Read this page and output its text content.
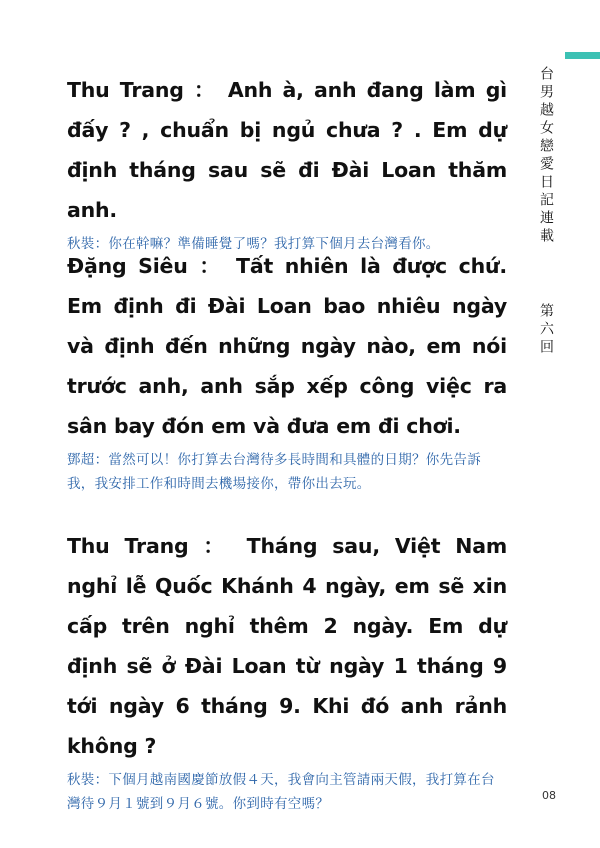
台男越女戀愛日記連載
第六回

Thu Trang ： Anh à, anh đang làm gì đấy ? , chuẩn bị ngủ chưa ? . Em dự định tháng sau sẽ đi Đài Loan thăm anh.

秋裝：你在幹嘛？準備睡覺了嗎？我打算下個月去台灣看你。

Đặng Siêu ： Tất nhiên là được chứ. Em định đi Đài Loan bao nhiêu ngày và định đến những ngày nào, em nói trước anh, anh sắp xếp công việc ra sân bay đón em và đưa em đi chơi.

鄧超：當然可以！你打算去台灣待多長時間和具體的日期？你先告訴我，我安排工作和時間去機場接你，帶你出去玩。

Thu Trang ： Tháng sau, Việt Nam nghỉ lễ Quốc Khánh 4 ngày, em sẽ xin cấp trên nghỉ thêm 2 ngày. Em dự định sẽ ở Đài Loan từ ngày 1 tháng 9 tới ngày 6 tháng 9. Khi đó anh rảnh không ?

秋裝：下個月越南國慶節放假４天，我會向主管請兩天假，我打算在台灣待９月１號到９月６號。你到時有空嗎？

08
